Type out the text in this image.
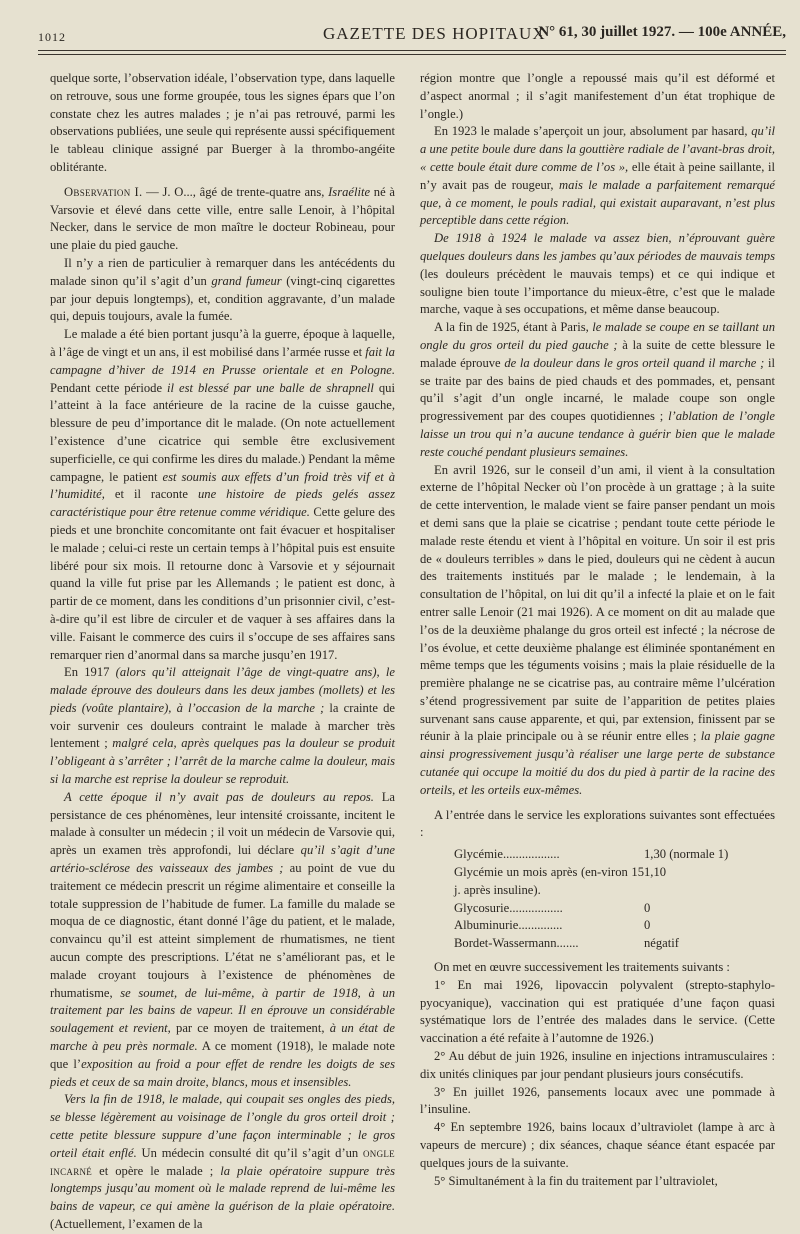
1012	GAZETTE DES HOPITAUX
N° 61, 30 juillet 1927. — 100e ANNÉE,

quelque sorte, l’observation idéale, l’observation type, dans laquelle on retrouve, sous une forme groupée, tous les signes épars que l’on constate chez les autres malades ; je n’ai pas retrouvé, parmi les observations publiées, une seule qui représente aussi spécifiquement le tableau clinique assigné par Buerger à la thrombo-angéite oblitérante.

Observation I. — J. O..., âgé de trente-quatre ans, Israélite né à Varsovie et élevé dans cette ville, entre salle Lenoir, à l’hôpital Necker, dans le service de mon maître le docteur Robineau, pour une plaie du pied gauche.

Il n’y a rien de particulier à remarquer dans les antécédents du malade sinon qu’il s’agit d’un grand fumeur (vingt-cinq cigarettes par jour depuis longtemps), et, condition aggravante, d’un malade qui, depuis toujours, avale la fumée.

Le malade a été bien portant jusqu’à la guerre, époque à laquelle, à l’âge de vingt et un ans, il est mobilisé dans l’armée russe et fait la campagne d’hiver de 1914 en Prusse orientale et en Pologne. Pendant cette période il est blessé par une balle de shrapnell qui l’atteint à la face antérieure de la racine de la cuisse gauche, blessure de peu d’importance dit le malade. (On note actuellement l’existence d’une cicatrice qui semble être exclusivement superficielle, ce qui confirme les dires du malade.) Pendant la même campagne, le patient est soumis aux effets d’un froid très vif et à l’humidité, et il raconte une histoire de pieds gelés assez caractéristique pour être retenue comme véridique. Cette gelure des pieds et une bronchite concomitante ont fait évacuer et hospitaliser le malade ; celui-ci reste un certain temps à l’hôpital puis est ensuite libéré pour six mois. Il retourne donc à Varsovie et y séjournait quand la ville fut prise par les Allemands ; le patient est donc, à partir de ce moment, dans les conditions d’un prisonnier civil, c’est-à-dire qu’il est libre de circuler et de vaquer à ses affaires dans la ville. Faisant le commerce des cuirs il s’occupe de ses affaires sans remarquer rien d’anormal dans sa marche jusqu’en 1917.

En 1917 (alors qu’il atteignait l’âge de vingt-quatre ans), le malade éprouve des douleurs dans les deux jambes (mollets) et les pieds (voûte plantaire), à l’occasion de la marche ; la crainte de voir survenir ces douleurs contraint le malade à marcher très lentement ; malgré cela, après quelques pas la douleur se produit l’obligeant à s’arrêter ; l’arrêt de la marche calme la douleur, mais si la marche est reprise la douleur se reproduit.

A cette époque il n’y avait pas de douleurs au repos. La persistance de ces phénomènes, leur intensité croissante, incitent le malade à consulter un médecin ; il voit un médecin de Varsovie qui, après un examen très approfondi, lui déclare qu’il s’agit d’une artério-sclérose des vaisseaux des jambes ; au point de vue du traitement ce médecin prescrit un régime alimentaire et conseille la totale suppression de l’habitude de fumer. La famille du malade se moqua de ce diagnostic, étant donné l’âge du patient, et le malade, convaincu qu’il est atteint simplement de rhumatismes, ne tient aucun compte des prescriptions. L’état ne s’améliorant pas, et le malade croyant toujours à l’existence de phénomènes de rhumatisme, se soumet, de lui-même, à partir de 1918, à un traitement par les bains de vapeur. Il en éprouve un considérable soulagement et revient, par ce moyen de traitement, à un état de marche à peu près normale. A ce moment (1918), le malade note que l’exposition au froid a pour effet de rendre les doigts de ses pieds et ceux de sa main droite, blancs, mous et insensibles.

Vers la fin de 1918, le malade, qui coupait ses ongles des pieds, se blesse légèrement au voisinage de l’ongle du gros orteil droit ; cette petite blessure suppure d’une façon interminable ; le gros orteil était enflé. Un médecin consulté dit qu’il s’agit d’un ongle incarné et opère le malade ; la plaie opératoire suppure très longtemps jusqu’au moment où le malade reprend de lui-même les bains de vapeur, ce qui amène la guérison de la plaie opératoire. (Actuellement, l’examen de la

région montre que l’ongle a repoussé mais qu’il est déformé et d’aspect anormal ; il s’agit manifestement d’un état trophique de l’ongle.)

En 1923 le malade s’aperçoit un jour, absolument par hasard, qu’il a une petite boule dure dans la gouttière radiale de l’avant-bras droit, « cette boule était dure comme de l’os », elle était à peine saillante, il n’y avait pas de rougeur, mais le malade a parfaitement remarqué que, à ce moment, le pouls radial, qui existait auparavant, n’est plus perceptible dans cette région.

De 1918 à 1924 le malade va assez bien, n’éprouvant guère quelques douleurs dans les jambes qu’aux périodes de mauvais temps (les douleurs précèdent le mauvais temps) et ce qui indique et souligne bien toute l’importance du mieux-être, c’est que le malade marche, vaque à ses occupations, et même danse beaucoup.

A la fin de 1925, étant à Paris, le malade se coupe en se taillant un ongle du gros orteil du pied gauche ; à la suite de cette blessure le malade éprouve de la douleur dans le gros orteil quand il marche ; il se traite par des bains de pied chauds et des pommades, et, pensant qu’il s’agit d’un ongle incarné, le malade coupe son ongle progressivement par des coupes quotidiennes ; l’ablation de l’ongle laisse un trou qui n’a aucune tendance à guérir bien que le malade reste couché pendant plusieurs semaines.

En avril 1926, sur le conseil d’un ami, il vient à la consultation externe de l’hôpital Necker où l’on procède à un grattage ; à la suite de cette intervention, le malade vient se faire panser pendant un mois et demi sans que la plaie se cicatrise ; pendant toute cette période le malade reste étendu et vient à l’hôpital en voiture. Un soir il est pris de « douleurs terribles » dans le pied, douleurs qui ne cèdent à aucun des traitements institués par le malade ; le lendemain, à la consultation de l’hôpital, on lui dit qu’il a infecté la plaie et on le fait entrer salle Lenoir (21 mai 1926). A ce moment on dit au malade que l’os de la deuxième phalange du gros orteil est infecté ; la nécrose de l’os évolue, et cette deuxième phalange est éliminée spontanément en même temps que les téguments voisins ; mais la plaie résiduelle de la première phalange ne se cicatrise pas, au contraire même l’ulcération s’étend progressivement par suite de l’apparition de petites plaies survenant sans cause apparente, et qui, par extension, finissent par se réunir à la plaie principale ou à se réunir entre elles ; la plaie gagne ainsi progressivement jusqu’à réaliser une large perte de substance cutanée qui occupe la moitié du dos du pied à partir de la racine des orteils, et les orteils eux-mêmes.

A l’entrée dans le service les explorations suivantes sont effectuées :

Glycémie..................	1,30 (normale 1)
Glycémie un mois après (en-viron 15 j. après insuline).	1,10
Glycosurie.................	0
Albuminurie..............	0
Bordet-Wassermann.......	négatif

On met en œuvre successivement les traitements suivants :

1° En mai 1926, lipovaccin polyvalent (strepto-staphylo-pyocyanique), vaccination qui est pratiquée d’une façon quasi systématique lors de l’entrée des malades dans le service. (Cette vaccination a été refaite à l’automne de 1926.)
2° Au début de juin 1926, insuline en injections intramusculaires : dix unités cliniques par jour pendant plusieurs jours consécutifs.
3° En juillet 1926, pansements locaux avec une pommade à l’insuline.
4° En septembre 1926, bains locaux d’ultraviolet (lampe à arc à vapeurs de mercure) ; dix séances, chaque séance étant espacée par quelques jours de la suivante.
5° Simultanément à la fin du traitement par l’ultraviolet,
